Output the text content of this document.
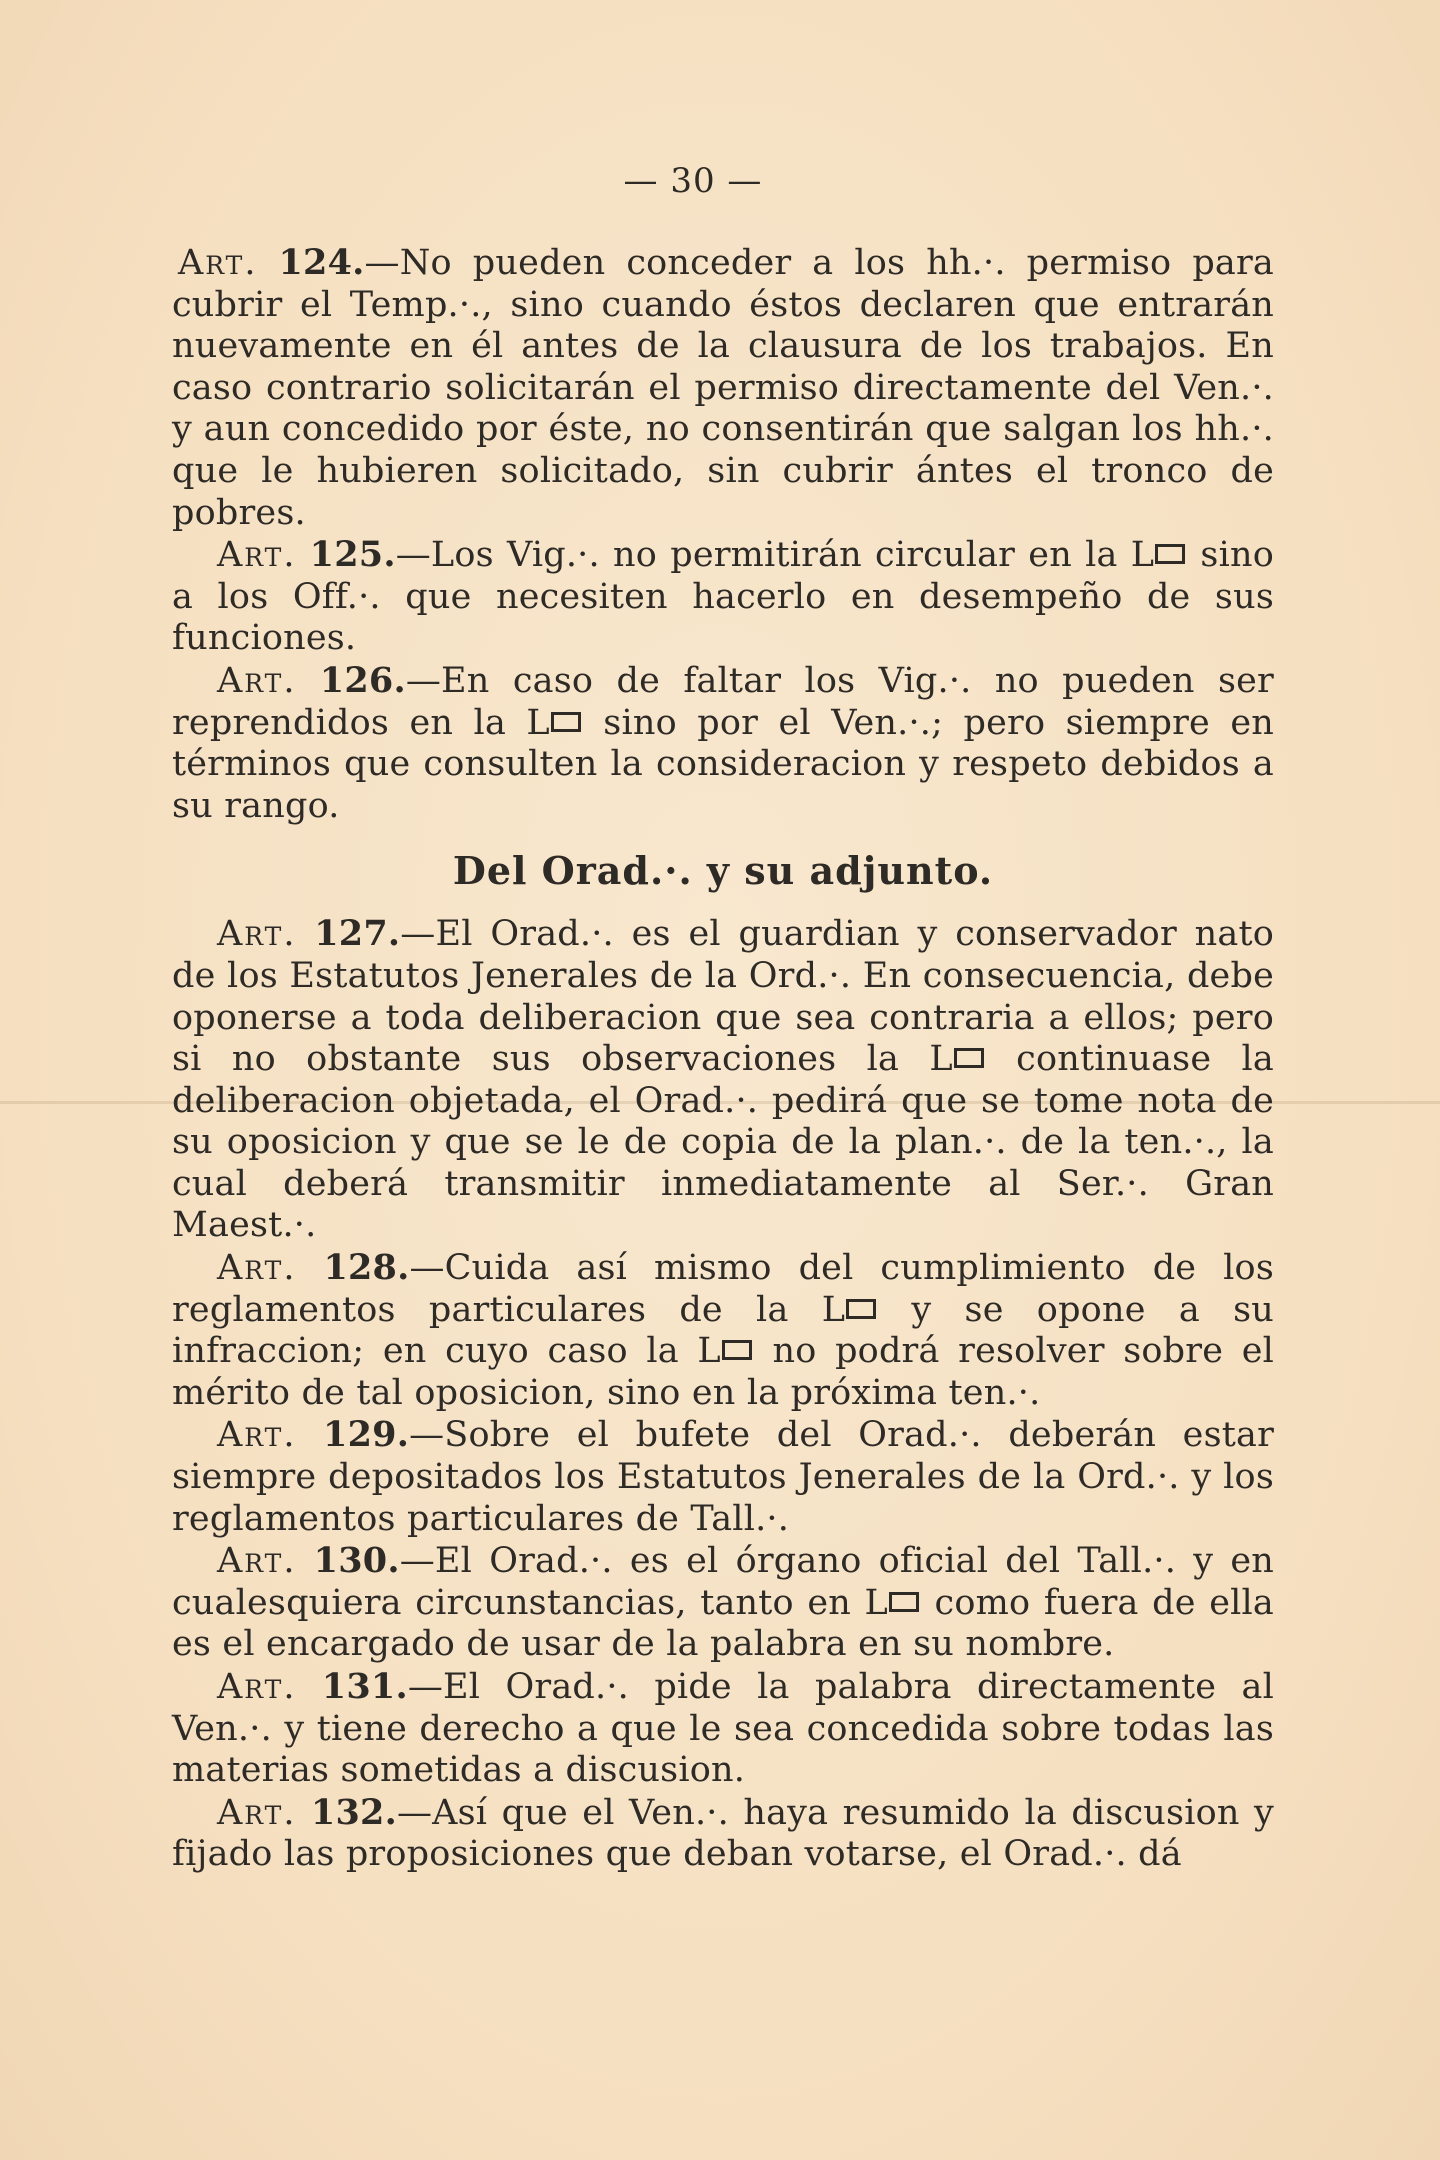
— 30 —

Art. 124.—No pueden conceder a los hh.·. permiso para cubrir el Temp.·., sino cuando éstos declaren que entrarán nuevamente en él antes de la clausura de los trabajos. En caso contrario solicitarán el permiso directamente del Ven.·. y aun concedido por éste, no consentirán que salgan los hh.·. que le hubieren solicitado, sin cubrir ántes el tronco de pobres.

Art. 125.—Los Vig.·. no permitirán circular en la L sino a los Off.·. que necesiten hacerlo en desempeño de sus funciones.

Art. 126.—En caso de faltar los Vig.·. no pueden ser reprendidos en la L sino por el Ven.·.; pero siempre en términos que consulten la consideracion y respeto debidos a su rango.

Del Orad.·. y su adjunto.

Art. 127.—El Orad.·. es el guardian y conservador nato de los Estatutos Jenerales de la Ord.·. En consecuencia, debe oponerse a toda deliberacion que sea contraria a ellos; pero si no obstante sus observaciones la L continuase la deliberacion objetada, el Orad.·. pedirá que se tome nota de su oposicion y que se le de copia de la plan.·. de la ten.·., la cual deberá transmitir inmediatamente al Ser.·. Gran Maest.·.

Art. 128.—Cuida así mismo del cumplimiento de los reglamentos particulares de la L y se opone a su infraccion; en cuyo caso la L no podrá resolver sobre el mérito de tal oposicion, sino en la próxima ten.·.

Art. 129.—Sobre el bufete del Orad.·. deberán estar siempre depositados los Estatutos Jenerales de la Ord.·. y los reglamentos particulares de Tall.·.

Art. 130.—El Orad.·. es el órgano oficial del Tall.·. y en cualesquiera circunstancias, tanto en L como fuera de ella es el encargado de usar de la palabra en su nombre.

Art. 131.—El Orad.·. pide la palabra directamente al Ven.·. y tiene derecho a que le sea concedida sobre todas las materias sometidas a discusion.

Art. 132.—Así que el Ven.·. haya resumido la discusion y fijado las proposiciones que deban votarse, el Orad.·. dá
